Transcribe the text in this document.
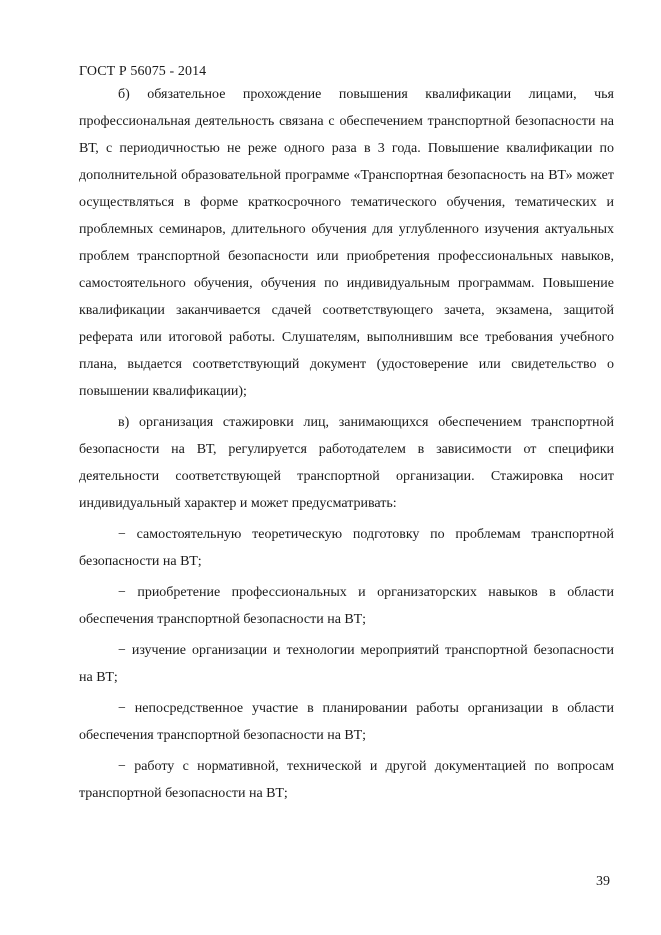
ГОСТ Р 56075 - 2014

б) обязательное прохождение повышения квалификации лицами, чья профессиональная деятельность связана с обеспечением транспортной безопасности на ВТ, с периодичностью не реже одного раза в 3 года. Повышение квалификации по дополнительной образовательной программе «Транспортная безопасность на ВТ» может осуществляться в форме краткосрочного тематического обучения, тематических и проблемных семинаров, длительного обучения для углубленного изучения актуальных проблем транспортной безопасности или приобретения профессиональных навыков, самостоятельного обучения, обучения по индивидуальным программам. Повышение квалификации заканчивается сдачей соответствующего зачета, экзамена, защитой реферата или итоговой работы. Слушателям, выполнившим все требования учебного плана, выдается соответствующий документ (удостоверение или свидетельство о повышении квалификации);

в) организация стажировки лиц, занимающихся обеспечением транспортной безопасности на ВТ, регулируется работодателем в зависимости от специфики деятельности соответствующей транспортной организации. Стажировка носит индивидуальный характер и может предусматривать:

− самостоятельную теоретическую подготовку по проблемам транспортной безопасности на ВТ;

− приобретение профессиональных и организаторских навыков в области обеспечения транспортной безопасности на ВТ;

− изучение организации и технологии мероприятий транспортной безопасности на ВТ;

− непосредственное участие в планировании работы организации в области обеспечения транспортной безопасности на ВТ;

− работу с нормативной, технической и другой документацией по вопросам транспортной безопасности на ВТ;

39
